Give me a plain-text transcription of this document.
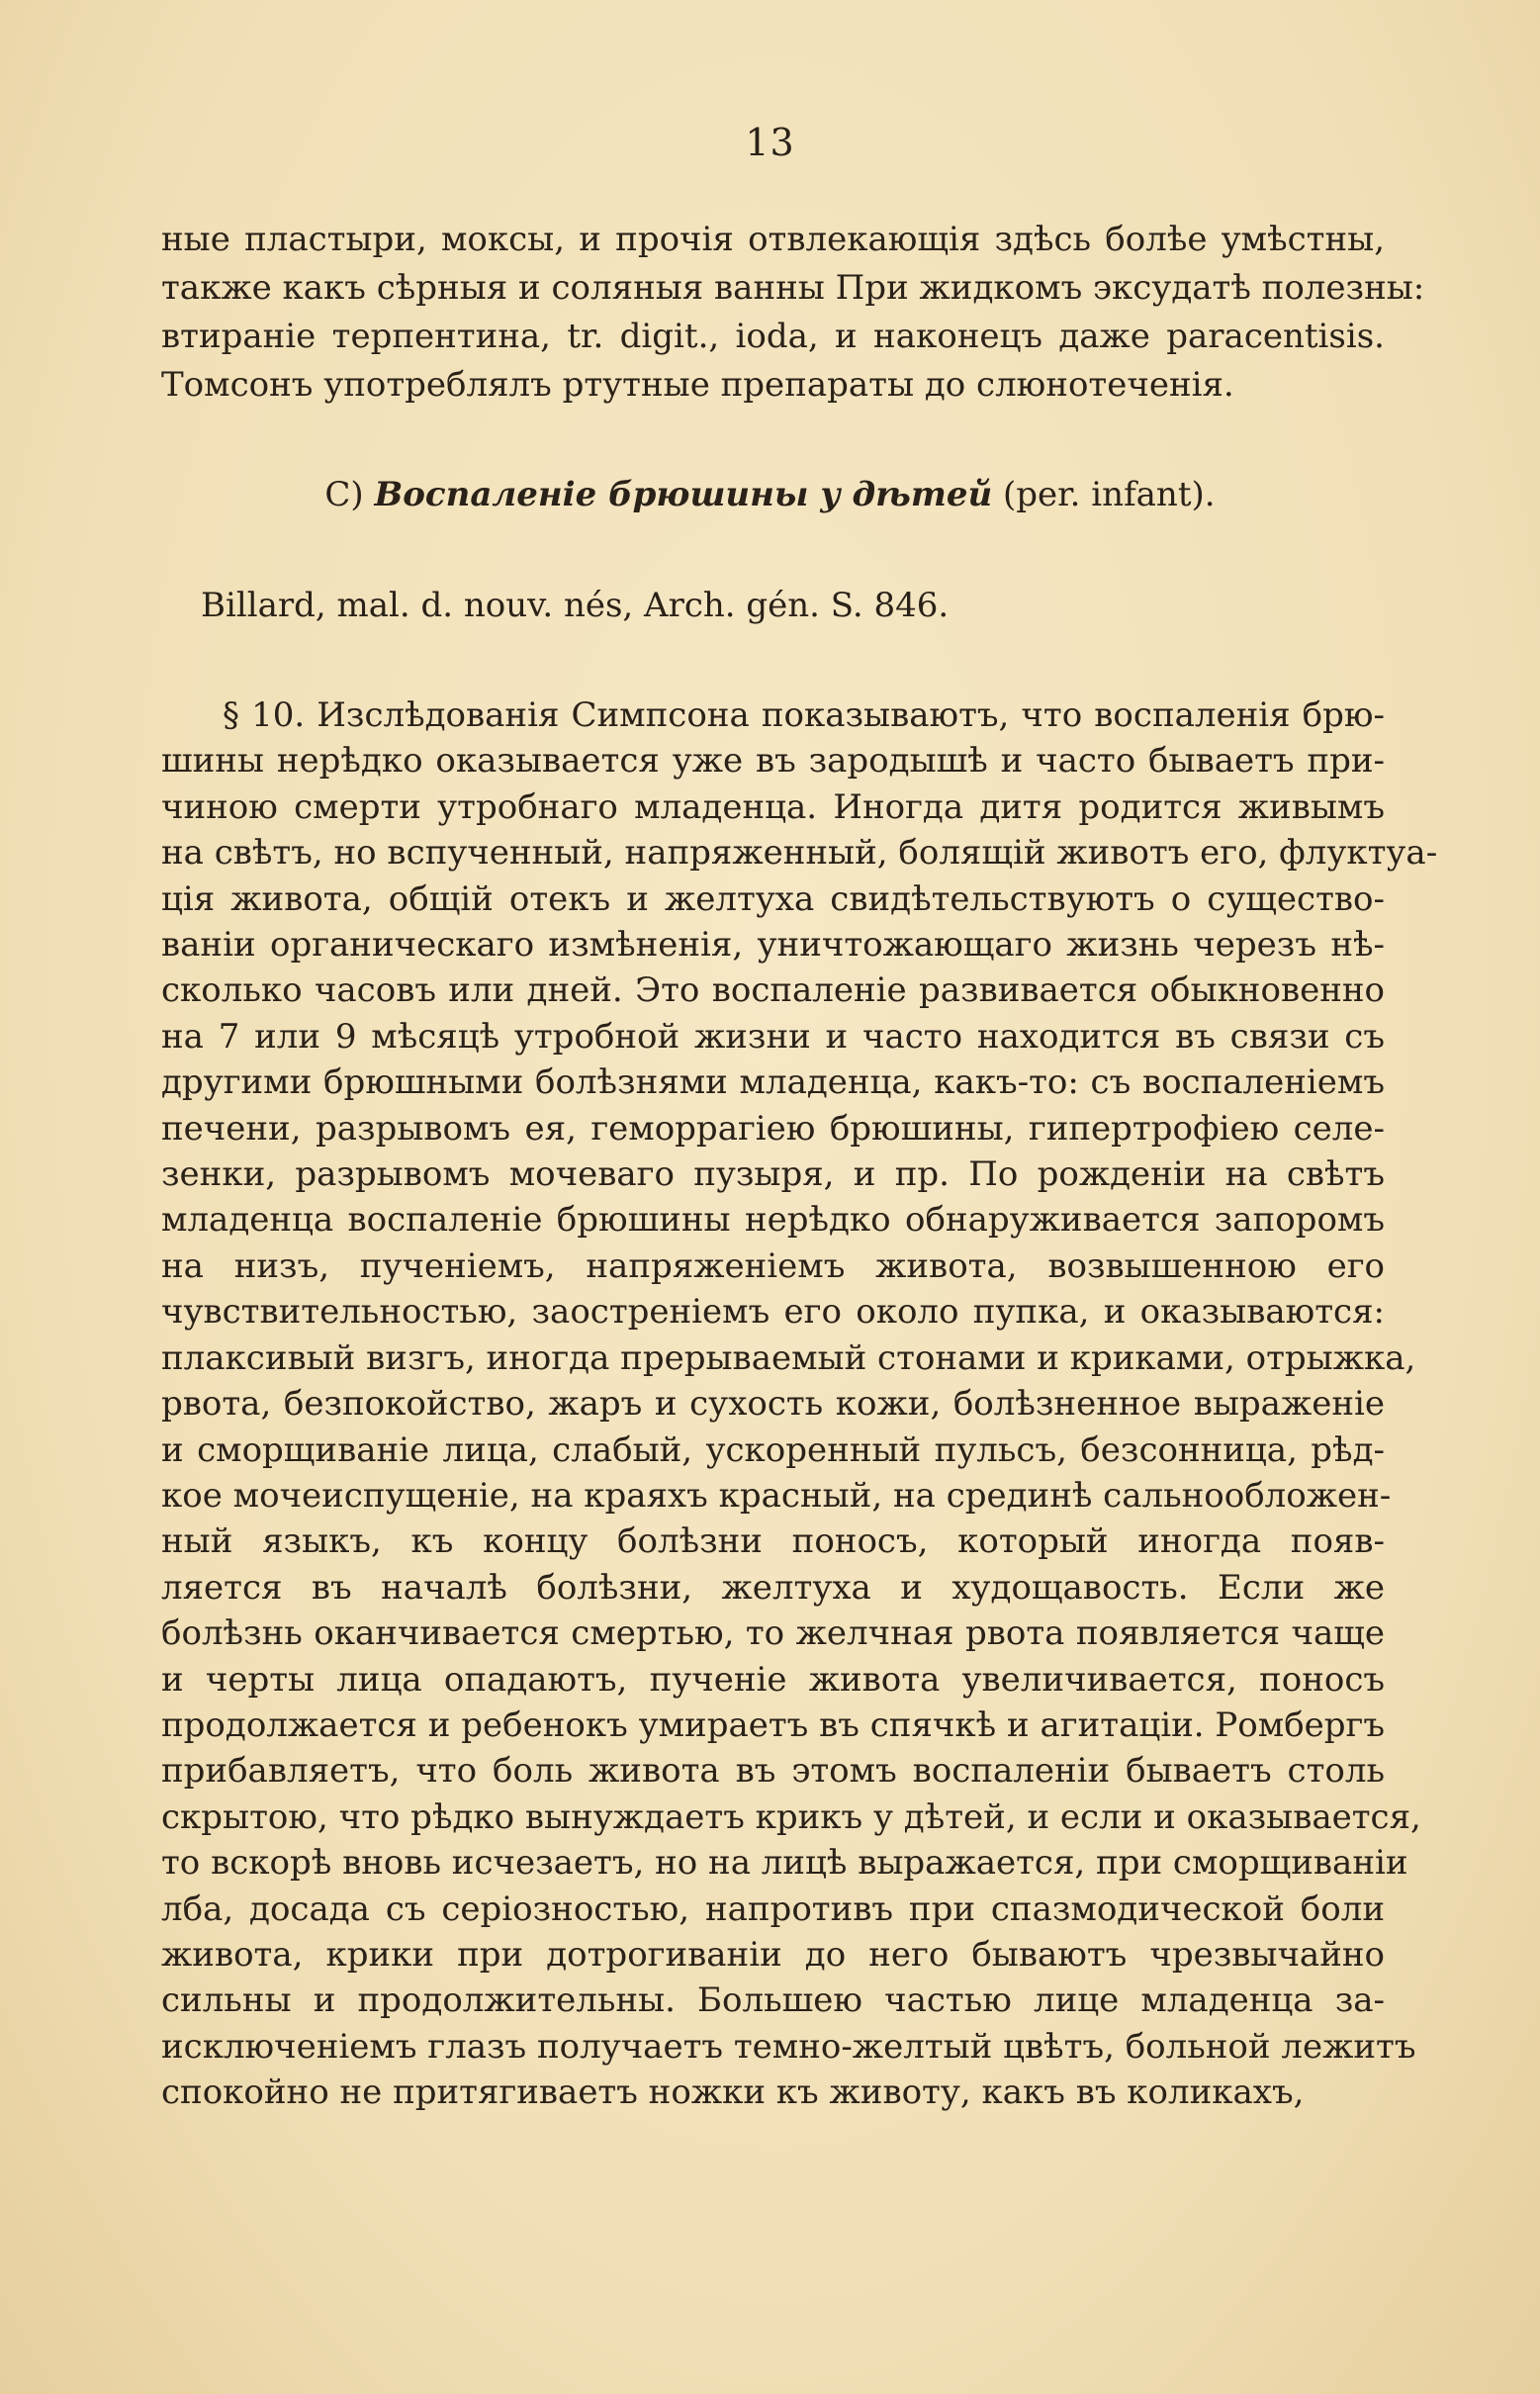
13
ные пластыри, моксы, и прочія отвлекающія здѣсь болѣе умѣстны,
также какъ сѣрныя и соляныя ванны При жидкомъ эксудатѣ полезны:
втираніе терпентина, tr. digit., ioda, и наконецъ даже paracentisis.
Томсонъ употреблялъ ртутные препараты до слюнотеченія.
C) Воспаленіе брюшины у дѣтей (per. infant).
Billard, mal. d. nouv. nés, Arch. gén. S. 846.
§ 10. Изслѣдованія Симпсона показываютъ, что воспаленія брю-
шины нерѣдко оказывается уже въ зародышѣ и часто бываетъ при-
чиною смерти утробнаго младенца. Иногда дитя родится живымъ
на свѣтъ, но вспученный, напряженный, болящій животъ его, флуктуа-
ція живота, общій отекъ и желтуха свидѣтельствуютъ о существо-
ваніи органическаго измѣненія, уничтожающаго жизнь черезъ нѣ-
сколько часовъ или дней. Это воспаленіе развивается обыкновенно
на 7 или 9 мѣсяцѣ утробной жизни и часто находится въ связи съ
другими брюшными болѣзнями младенца, какъ-то: съ воспаленіемъ
печени, разрывомъ ея, геморрагіею брюшины, гипертрофіею селе-
зенки, разрывомъ мочеваго пузыря, и пр. По рожденіи на свѣтъ
младенца воспаленіе брюшины нерѣдко обнаруживается запоромъ
на низъ, пученіемъ, напряженіемъ живота, возвышенною его
чувствительностью, заостреніемъ его около пупка, и оказываются:
плаксивый визгъ, иногда прерываемый стонами и криками, отрыжка,
рвота, безпокойство, жаръ и сухость кожи, болѣзненное выраженіе
и сморщиваніе лица, слабый, ускоренный пульсъ, безсонница, рѣд-
кое мочеиспущеніе, на краяхъ красный, на срединѣ сальнообложен-
ный языкъ, къ концу болѣзни поносъ, который иногда появ-
ляется въ началѣ болѣзни, желтуха и худощавость. Если же
болѣзнь оканчивается смертью, то желчная рвота появляется чаще
и черты лица опадаютъ, пученіе живота увеличивается, поносъ
продолжается и ребенокъ умираетъ въ спячкѣ и агитаціи. Ромбергъ
прибавляетъ, что боль живота въ этомъ воспаленіи бываетъ столь
скрытою, что рѣдко вынуждаетъ крикъ у дѣтей, и если и оказывается,
то вскорѣ вновь исчезаетъ, но на лицѣ выражается, при сморщиваніи
лба, досада съ серіозностью, напротивъ при спазмодической боли
живота, крики при дотрогиваніи до него бываютъ чрезвычайно
сильны и продолжительны. Большею частью лице младенца за-
исключеніемъ глазъ получаетъ темно-желтый цвѣтъ, больной лежитъ
спокойно не притягиваетъ ножки къ животу, какъ въ коликахъ,
